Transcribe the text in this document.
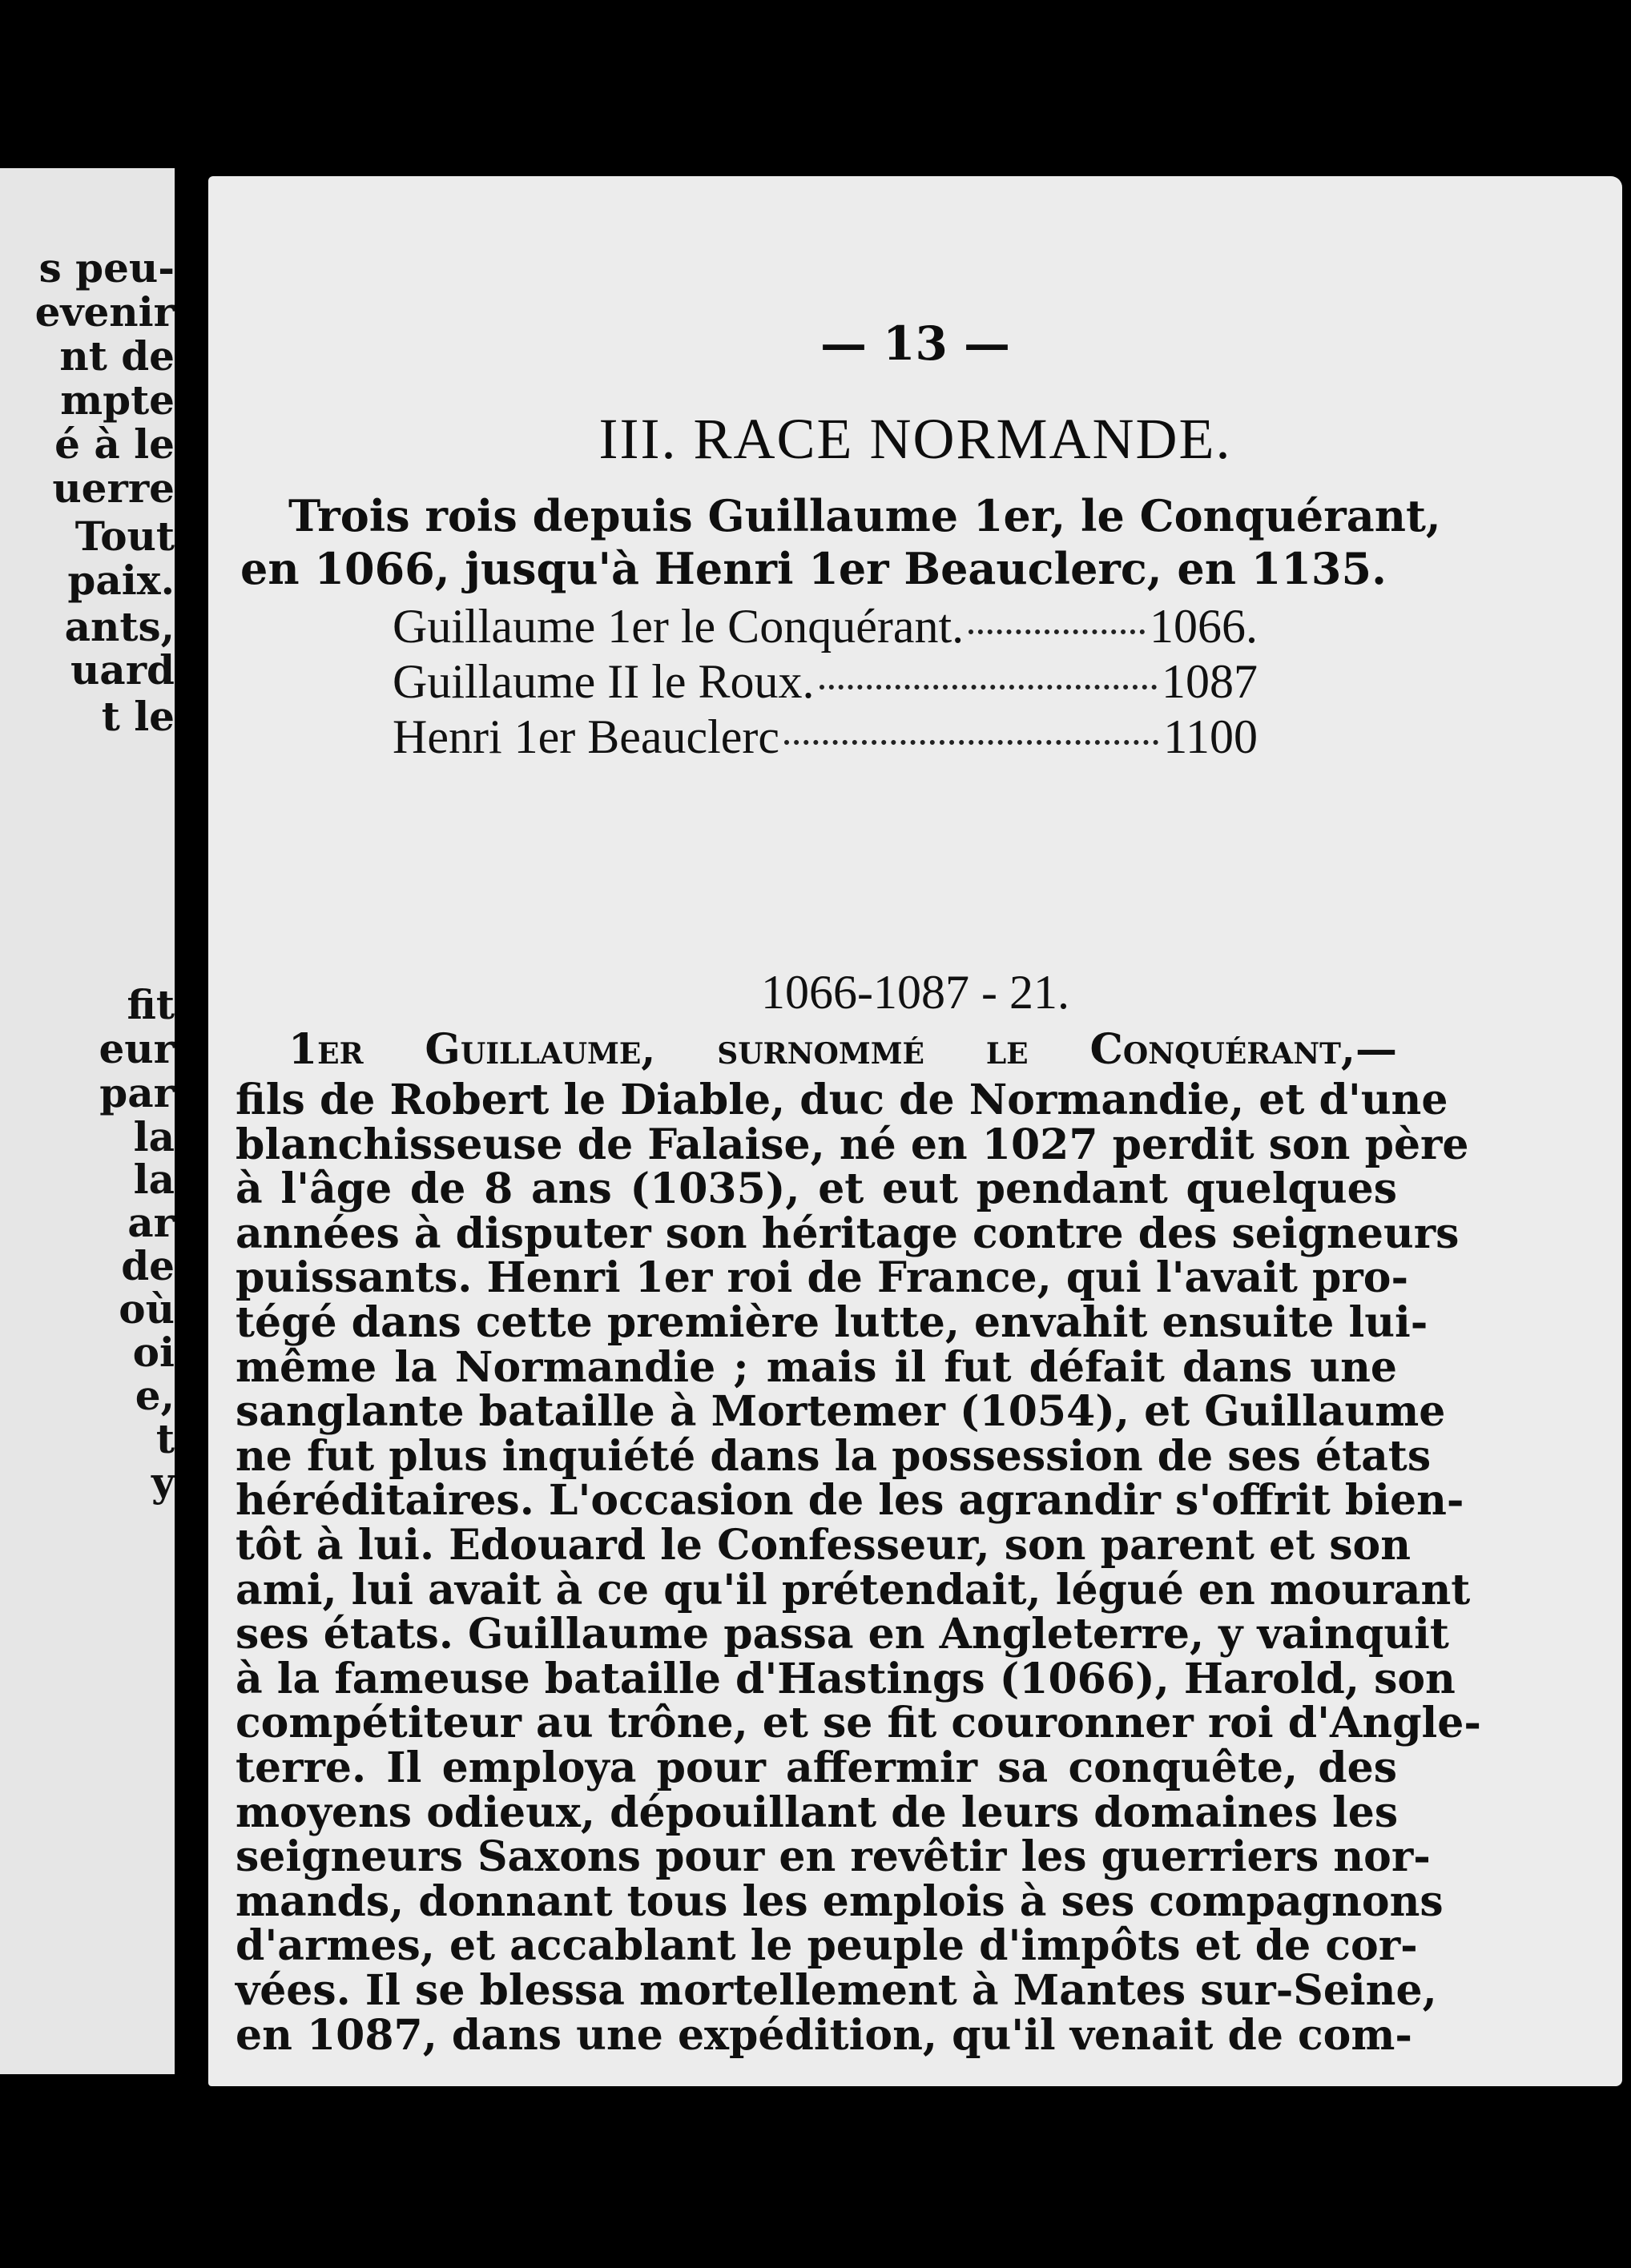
s peu-
evenir
nt de
mpte
é à le
uerre
Tout
paix.
ants,
uard
t le
fit
eur
par
la
la
ar
de
où
oi
e,
t
y
— 13 —
III. RACE NORMANDE.
Trois rois depuis Guillaume 1er, le Conquérant,
en 1066, jusqu'à Henri 1er Beauclerc, en 1135.
Guillaume 1er le Conquérant.	1066.
Guillaume II le Roux.	1087
Henri 1er Beauclerc	1100
1066-1087 - 21.
1er Guillaume, surnommé le Conquérant,—
fils de Robert le Diable, duc de Normandie, et d'une
blanchisseuse de Falaise, né en 1027 perdit son père
à l'âge de 8 ans (1035), et eut pendant quelques
années à disputer son héritage contre des seigneurs
puissants. Henri 1er roi de France, qui l'avait pro-
tégé dans cette première lutte, envahit ensuite lui-
même la Normandie ; mais il fut défait dans une
sanglante bataille à Mortemer (1054), et Guillaume
ne fut plus inquiété dans la possession de ses états
héréditaires. L'occasion de les agrandir s'offrit bien-
tôt à lui. Edouard le Confesseur, son parent et son
ami, lui avait à ce qu'il prétendait, légué en mourant
ses états. Guillaume passa en Angleterre, y vainquit
à la fameuse bataille d'Hastings (1066), Harold, son
compétiteur au trône, et se fit couronner roi d'Angle-
terre. Il employa pour affermir sa conquête, des
moyens odieux, dépouillant de leurs domaines les
seigneurs Saxons pour en revêtir les guerriers nor-
mands, donnant tous les emplois à ses compagnons
d'armes, et accablant le peuple d'impôts et de cor-
vées. Il se blessa mortellement à Mantes sur-Seine,
en 1087, dans une expédition, qu'il venait de com-
